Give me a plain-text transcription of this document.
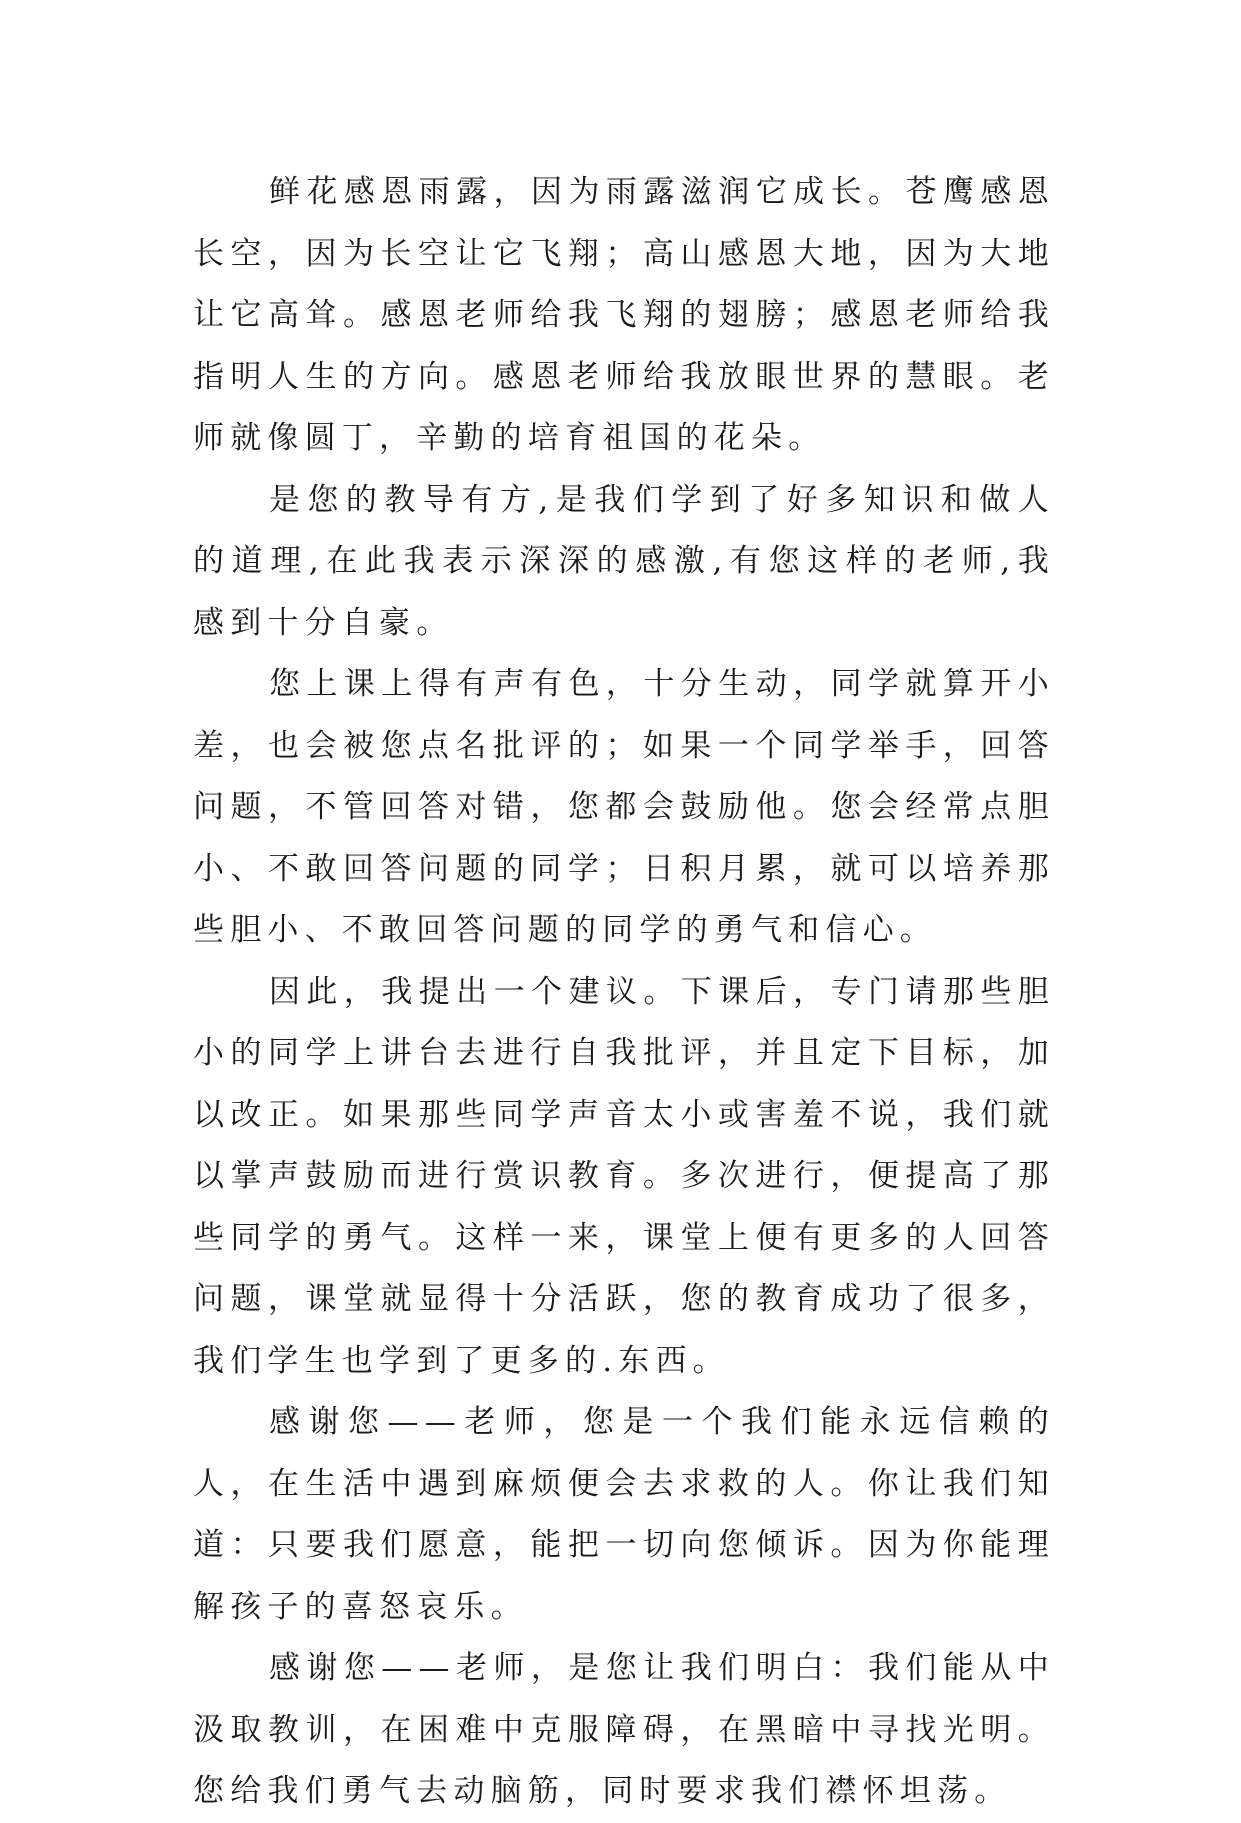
鲜花感恩雨露，因为雨露滋润它成长。苍鹰感恩长空，因为长空让它飞翔；高山感恩大地，因为大地让它高耸。感恩老师给我飞翔的翅膀；感恩老师给我指明人生的方向。感恩老师给我放眼世界的慧眼。老师就像圆丁，辛勤的培育祖国的花朵。

是您的教导有方,是我们学到了好多知识和做人的道理,在此我表示深深的感激,有您这样的老师,我感到十分自豪。

您上课上得有声有色，十分生动，同学就算开小差，也会被您点名批评的；如果一个同学举手，回答问题，不管回答对错，您都会鼓励他。您会经常点胆小、不敢回答问题的同学；日积月累，就可以培养那些胆小、不敢回答问题的同学的勇气和信心。

因此，我提出一个建议。下课后，专门请那些胆小的同学上讲台去进行自我批评，并且定下目标，加以改正。如果那些同学声音太小或害羞不说，我们就以掌声鼓励而进行赏识教育。多次进行，便提高了那些同学的勇气。这样一来，课堂上便有更多的人回答问题，课堂就显得十分活跃，您的教育成功了很多，我们学生也学到了更多的.东西。

感谢您——老师，您是一个我们能永远信赖的人，在生活中遇到麻烦便会去求救的人。你让我们知道：只要我们愿意，能把一切向您倾诉。因为你能理解孩子的喜怒哀乐。

感谢您——老师，是您让我们明白：我们能从中汲取教训，在困难中克服障碍，在黑暗中寻找光明。您给我们勇气去动脑筋，同时要求我们襟怀坦荡。
